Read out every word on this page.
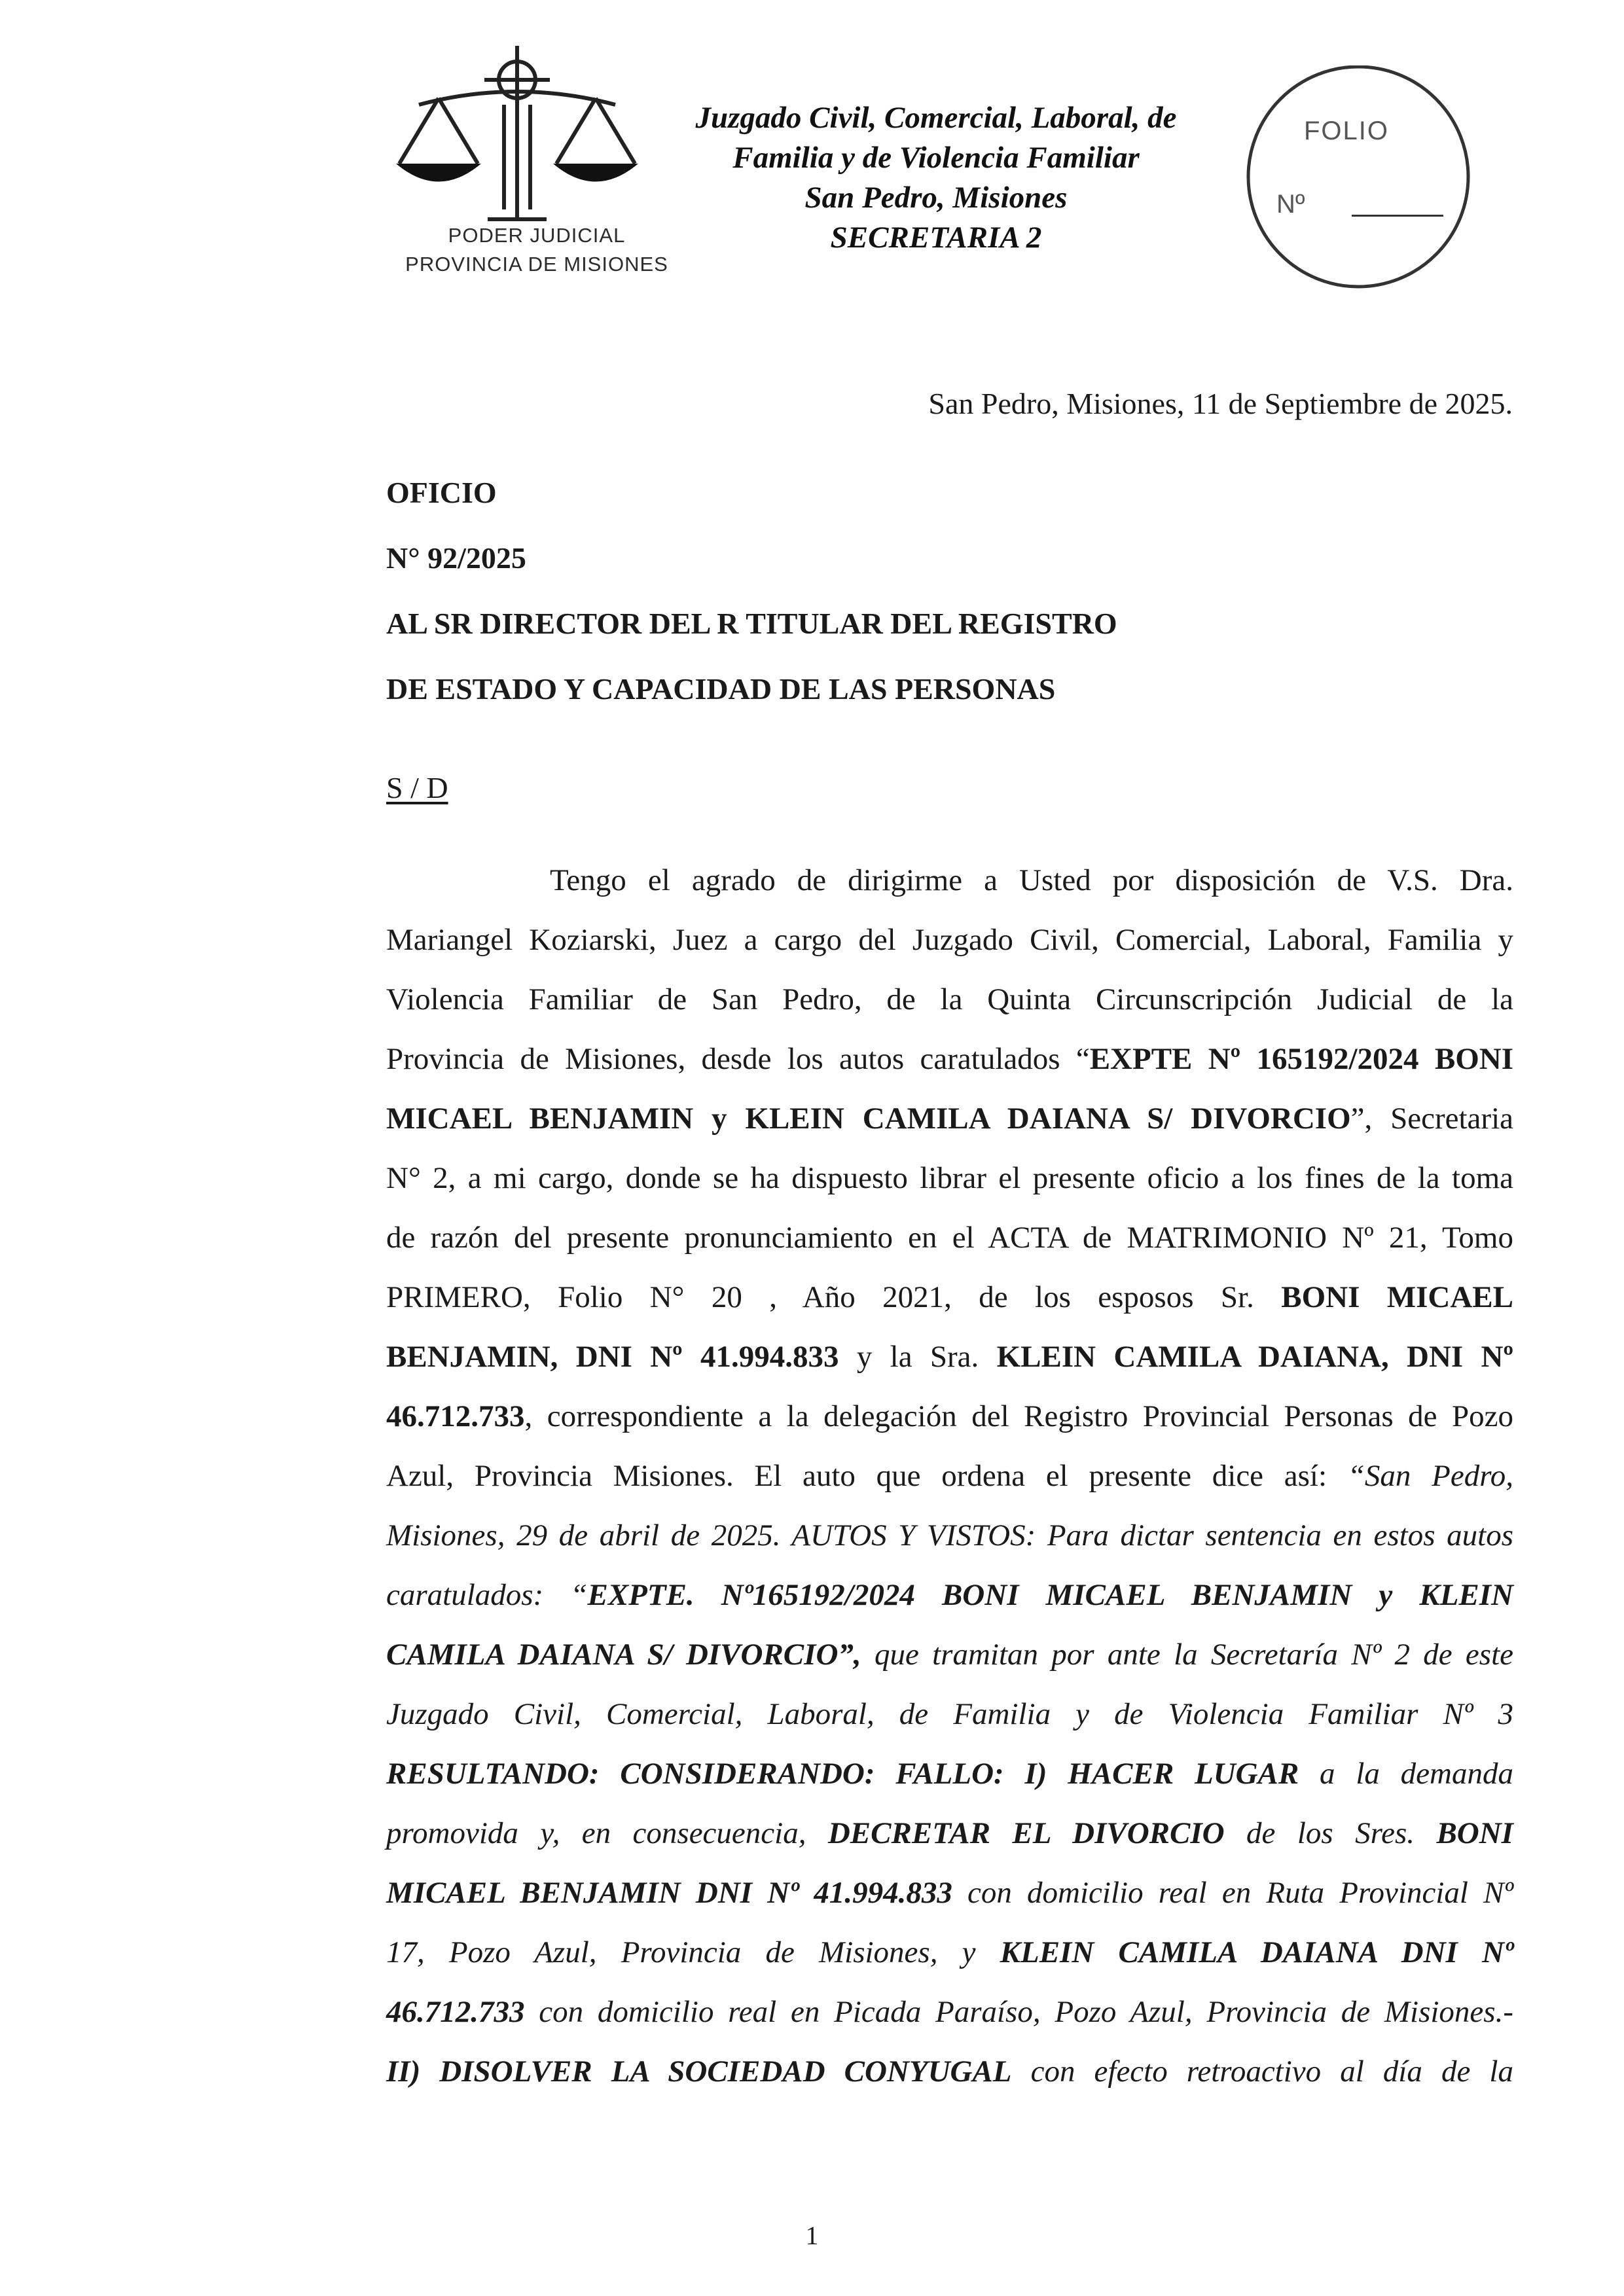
PODER JUDICIAL
PROVINCIA DE MISIONES
Juzgado Civil, Comercial, Laboral, de
Familia y de Violencia Familiar
San Pedro, Misiones
SECRETARIA 2
FOLIO
Nº
San Pedro, Misiones, 11 de Septiembre de 2025.
OFICIO
N° 92/2025
AL SR DIRECTOR DEL R TITULAR DEL REGISTRO
DE ESTADO Y CAPACIDAD DE LAS PERSONAS
S / D
Tengo el agrado de dirigirme a Usted por disposición de V.S. Dra.
Mariangel Koziarski, Juez a cargo del Juzgado Civil, Comercial, Laboral, Familia y
Violencia Familiar de San Pedro, de la Quinta Circunscripción Judicial de la
Provincia de Misiones, desde los autos caratulados “EXPTE Nº 165192/2024 BONI
MICAEL BENJAMIN y KLEIN CAMILA DAIANA S/ DIVORCIO”, Secretaria
N° 2, a mi cargo, donde se ha dispuesto librar el presente oficio a los fines de la toma
de razón del presente pronunciamiento en el ACTA de MATRIMONIO Nº 21, Tomo
PRIMERO, Folio N° 20 , Año 2021, de los esposos Sr. BONI MICAEL
BENJAMIN, DNI Nº 41.994.833 y la Sra. KLEIN CAMILA DAIANA, DNI Nº
46.712.733, correspondiente a la delegación del Registro Provincial Personas de Pozo
Azul, Provincia Misiones. El auto que ordena el presente dice así: “San Pedro,
Misiones, 29 de abril de 2025. AUTOS Y VISTOS: Para dictar sentencia en estos autos
caratulados: “EXPTE. Nº165192/2024 BONI MICAEL BENJAMIN y KLEIN
CAMILA DAIANA S/ DIVORCIO”, que tramitan por ante la Secretaría Nº 2 de este
Juzgado Civil, Comercial, Laboral, de Familia y de Violencia Familiar Nº 3
RESULTANDO: CONSIDERANDO: FALLO: I) HACER LUGAR a la demanda
promovida y, en consecuencia, DECRETAR EL DIVORCIO de los Sres. BONI
MICAEL BENJAMIN DNI Nº 41.994.833 con domicilio real en Ruta Provincial Nº
17, Pozo Azul, Provincia de Misiones, y KLEIN CAMILA DAIANA DNI Nº
46.712.733 con domicilio real en Picada Paraíso, Pozo Azul, Provincia de Misiones.-
II) DISOLVER LA SOCIEDAD CONYUGAL con efecto retroactivo al día de la
1
